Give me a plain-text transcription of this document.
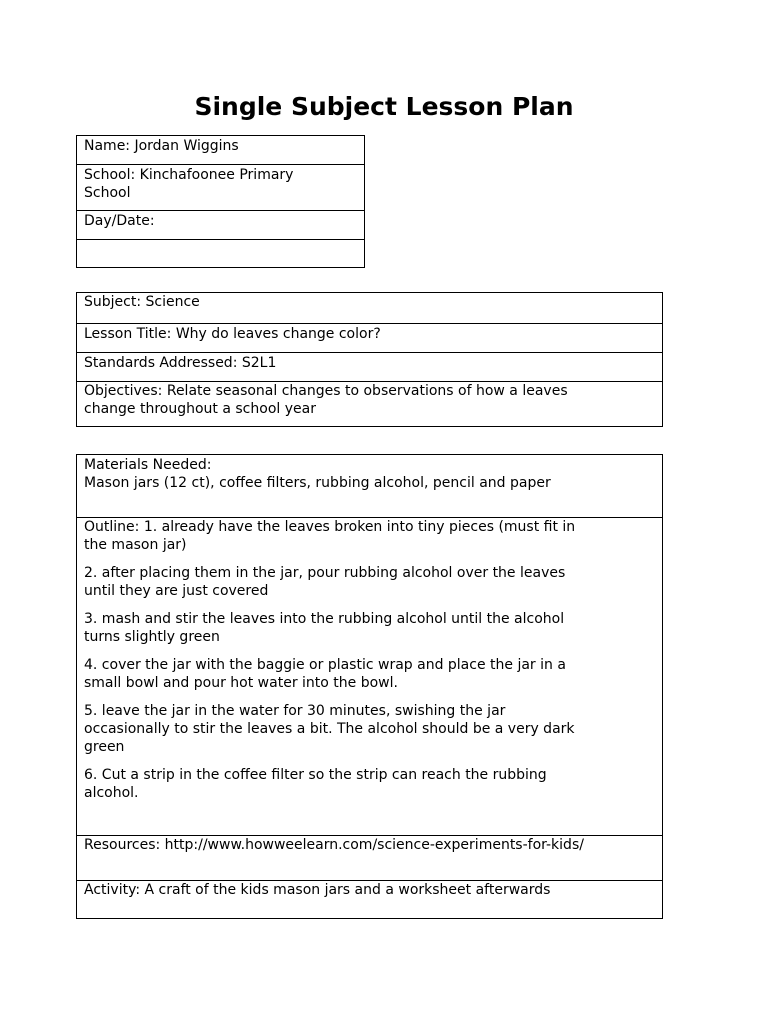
Single Subject Lesson Plan
Name: Jordan Wiggins

School: Kinchafoonee Primary
School

Day/Date:

Subject: Science
Lesson Title: Why do leaves change color?
Standards Addressed: S2L1

Objectives: Relate seasonal changes to observations of how a leaves
change throughout a school year
Materials Needed:
Mason jars (12 ct), coffee filters, rubbing alcohol, pencil and paper

Outline: 1. already have the leaves broken into tiny pieces (must fit in
the mason jar)
2. after placing them in the jar, pour rubbing alcohol over the leaves
until they are just covered
3. mash and stir the leaves into the rubbing alcohol until the alcohol
turns slightly green
4. cover the jar with the baggie or plastic wrap and place the jar in a
small bowl and pour hot water into the bowl.
5. leave the jar in the water for 30 minutes, swishing the jar
occasionally to stir the leaves a bit. The alcohol should be a very dark
green
6. Cut a strip in the coffee filter so the strip can reach the rubbing
alcohol.

Resources: http://www.howweelearn.com/science-experiments-for-kids/
Activity: A craft of the kids mason jars and a worksheet afterwards
